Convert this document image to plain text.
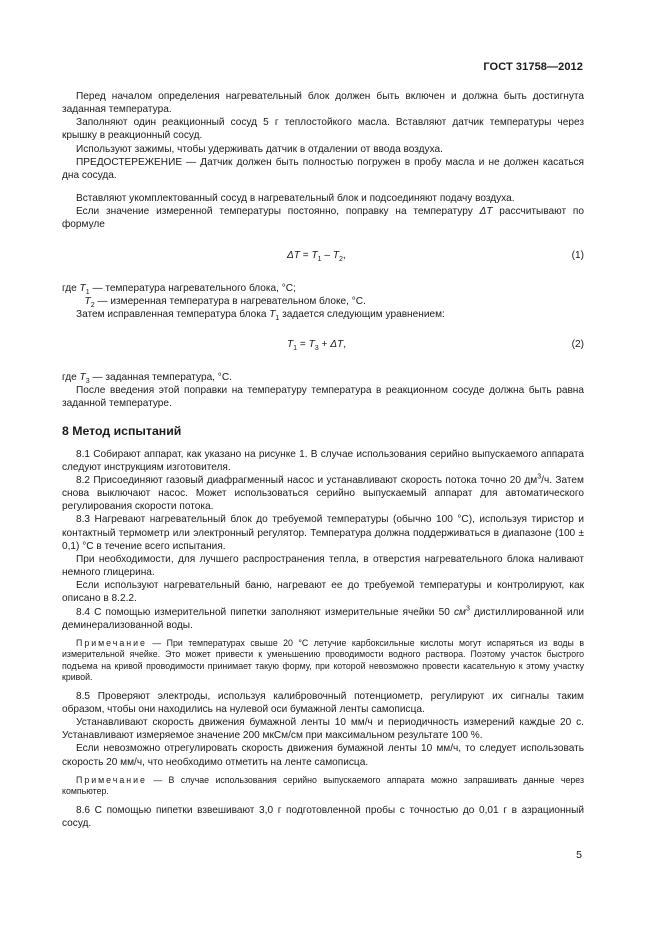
ГОСТ 31758—2012

Перед началом определения нагревательный блок должен быть включен и должна быть достигнута заданная температура.

Заполняют один реакционный сосуд 5 г теплостойкого масла. Вставляют датчик температуры через крышку в реакционный сосуд.

Используют зажимы, чтобы удерживать датчик в отдалении от ввода воздуха.

ПРЕДОСТЕРЕЖЕНИЕ — Датчик должен быть полностью погружен в пробу масла и не должен касаться дна сосуда.

Вставляют укомплектованный сосуд в нагревательный блок и подсоединяют подачу воздуха.

Если значение измеренной температуры постоянно, поправку на температуру ΔT рассчитывают по формуле

$\Delta T = T_1 - T_2$,	(1)

где $T_1$ — температура нагревательного блока, °С;

$T_2$ — измеренная температура в нагревательном блоке, °С.

Затем исправленная температура блока $T_1$ задается следующим уравнением:

$T_1 = T_3 + \Delta T$,	(2)

где $T_3$ — заданная температура, °С.

После введения этой поправки на температуру температура в реакционном сосуде должна быть равна заданной температуре.

8 Метод испытаний

8.1 Собирают аппарат, как указано на рисунке 1. В случае использования серийно выпускаемого аппарата следуют инструкциям изготовителя.

8.2 Присоединяют газовый диафрагменный насос и устанавливают скорость потока точно 20 $дм^3/ч$. Затем снова выключают насос. Может использоваться серийно выпускаемый аппарат для автоматического регулирования скорости потока.

8.3 Нагревают нагревательный блок до требуемой температуры (обычно 100 °С), используя тиристор и контактный термометр или электронный регулятор. Температура должна поддерживаться в диапазоне (100 ± 0,1) °С в течение всего испытания.

При необходимости, для лучшего распространения тепла, в отверстия нагревательного блока наливают немного глицерина.

Если используют нагревательный баню, нагревают ее до требуемой температуры и контролируют, как описано в 8.2.2.

8.4 С помощью измерительной пипетки заполняют измерительные ячейки 50 $см^3$ дистиллированной или деминерализованной воды.

Примечание — При температурах свыше 20 °С летучие карбоксильные кислоты могут испаряться из воды в измерительной ячейке. Это может привести к уменьшению проводимости водного раствора. Поэтому участок быстрого подъема на кривой проводимости принимает такую форму, при которой невозможно провести касательную к этому участку кривой.

8.5 Проверяют электроды, используя калибровочный потенциометр, регулируют их сигналы таким образом, чтобы они находились на нулевой оси бумажной ленты самописца.

Устанавливают скорость движения бумажной ленты 10 мм/ч и периодичность измерений каждые 20 с. Устанавливают измеряемое значение 200 мкСм/см при максимальном результате 100 %.

Если невозможно отрегулировать скорость движения бумажной ленты 10 мм/ч, то следует использовать скорость 20 мм/ч, что необходимо отметить на ленте самописца.

Примечание — В случае использования серийно выпускаемого аппарата можно запрашивать данные через компьютер.

8.6 С помощью пипетки взвешивают 3,0 г подготовленной пробы с точностью до 0,01 г в азрационный сосуд.

5
